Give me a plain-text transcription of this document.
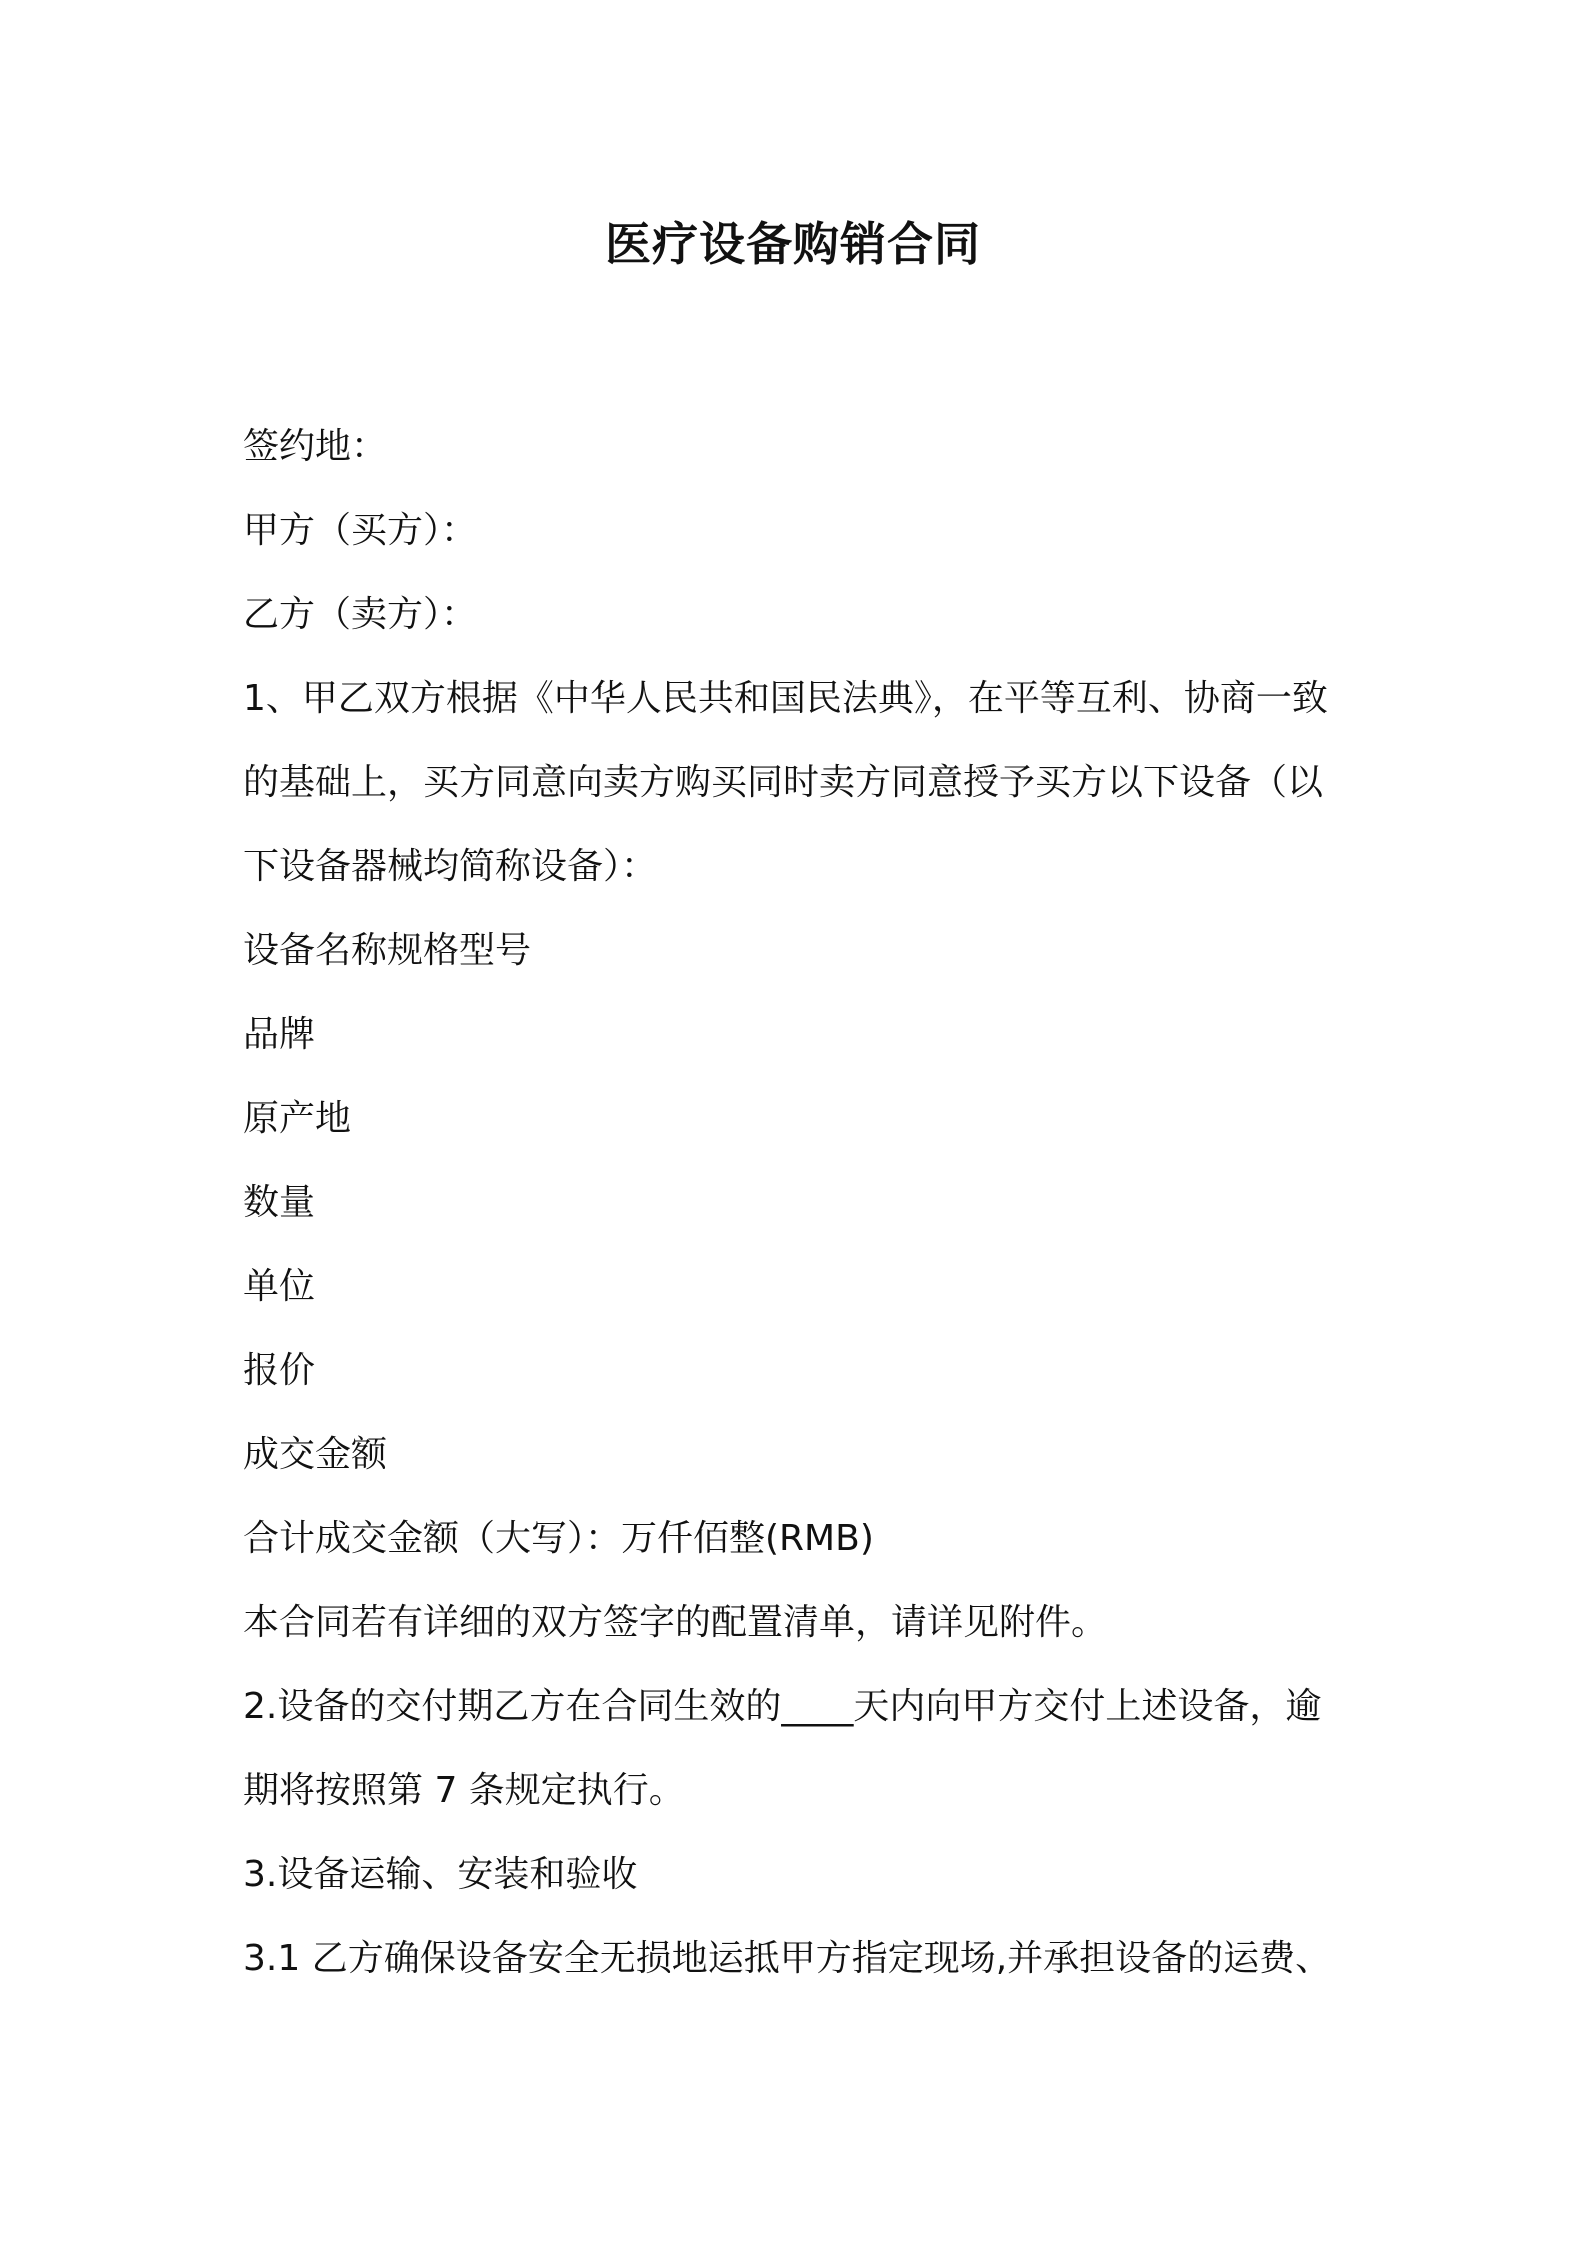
医疗设备购销合同
签约地：
甲方（买方）：
乙方（卖方）：
1、甲乙双方根据《中华人民共和国民法典》，在平等互利、协商一致
的基础上，买方同意向卖方购买同时卖方同意授予买方以下设备（以
下设备器械均简称设备）：
设备名称规格型号
品牌
原产地
数量
单位
报价
成交金额
合计成交金额（大写）：万仟佰整(RMB)
本合同若有详细的双方签字的配置清单，请详见附件。
2.设备的交付期乙方在合同生效的____天内向甲方交付上述设备，逾
期将按照第 7 条规定执行。
3.设备运输、安装和验收
3.1 乙方确保设备安全无损地运抵甲方指定现场,并承担设备的运费、
